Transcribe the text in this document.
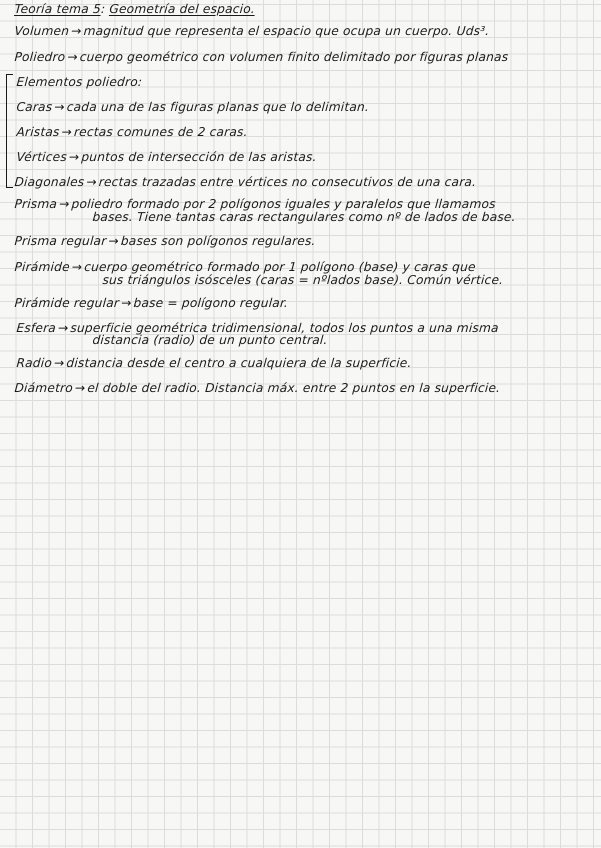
Teoría tema 5: Geometría del espacio.
Volumen→magnitud que representa el espacio que ocupa un cuerpo. Uds³.
Poliedro→cuerpo geométrico con volumen finito delimitado por figuras planas
Elementos poliedro:
Caras→cada una de las figuras planas que lo delimitan.
Aristas→rectas comunes de 2 caras.
Vértices→puntos de intersección de las aristas.
Diagonales→rectas trazadas entre vértices no consecutivos de una cara.
Prisma→poliedro formado por 2 polígonos iguales y paralelos que llamamos
bases. Tiene tantas caras rectangulares como nº de lados de base.
Prisma regular→bases son polígonos regulares.
Pirámide→cuerpo geométrico formado por 1 polígono (base) y caras que
sus triángulos isósceles (caras = nºlados base). Común vértice.
Pirámide regular→base = polígono regular.
Esfera→superficie geométrica tridimensional, todos los puntos a una misma
distancia (radio) de un punto central.
Radio→distancia desde el centro a cualquiera de la superficie.
Diámetro→el doble del radio. Distancia máx. entre 2 puntos en la superficie.
